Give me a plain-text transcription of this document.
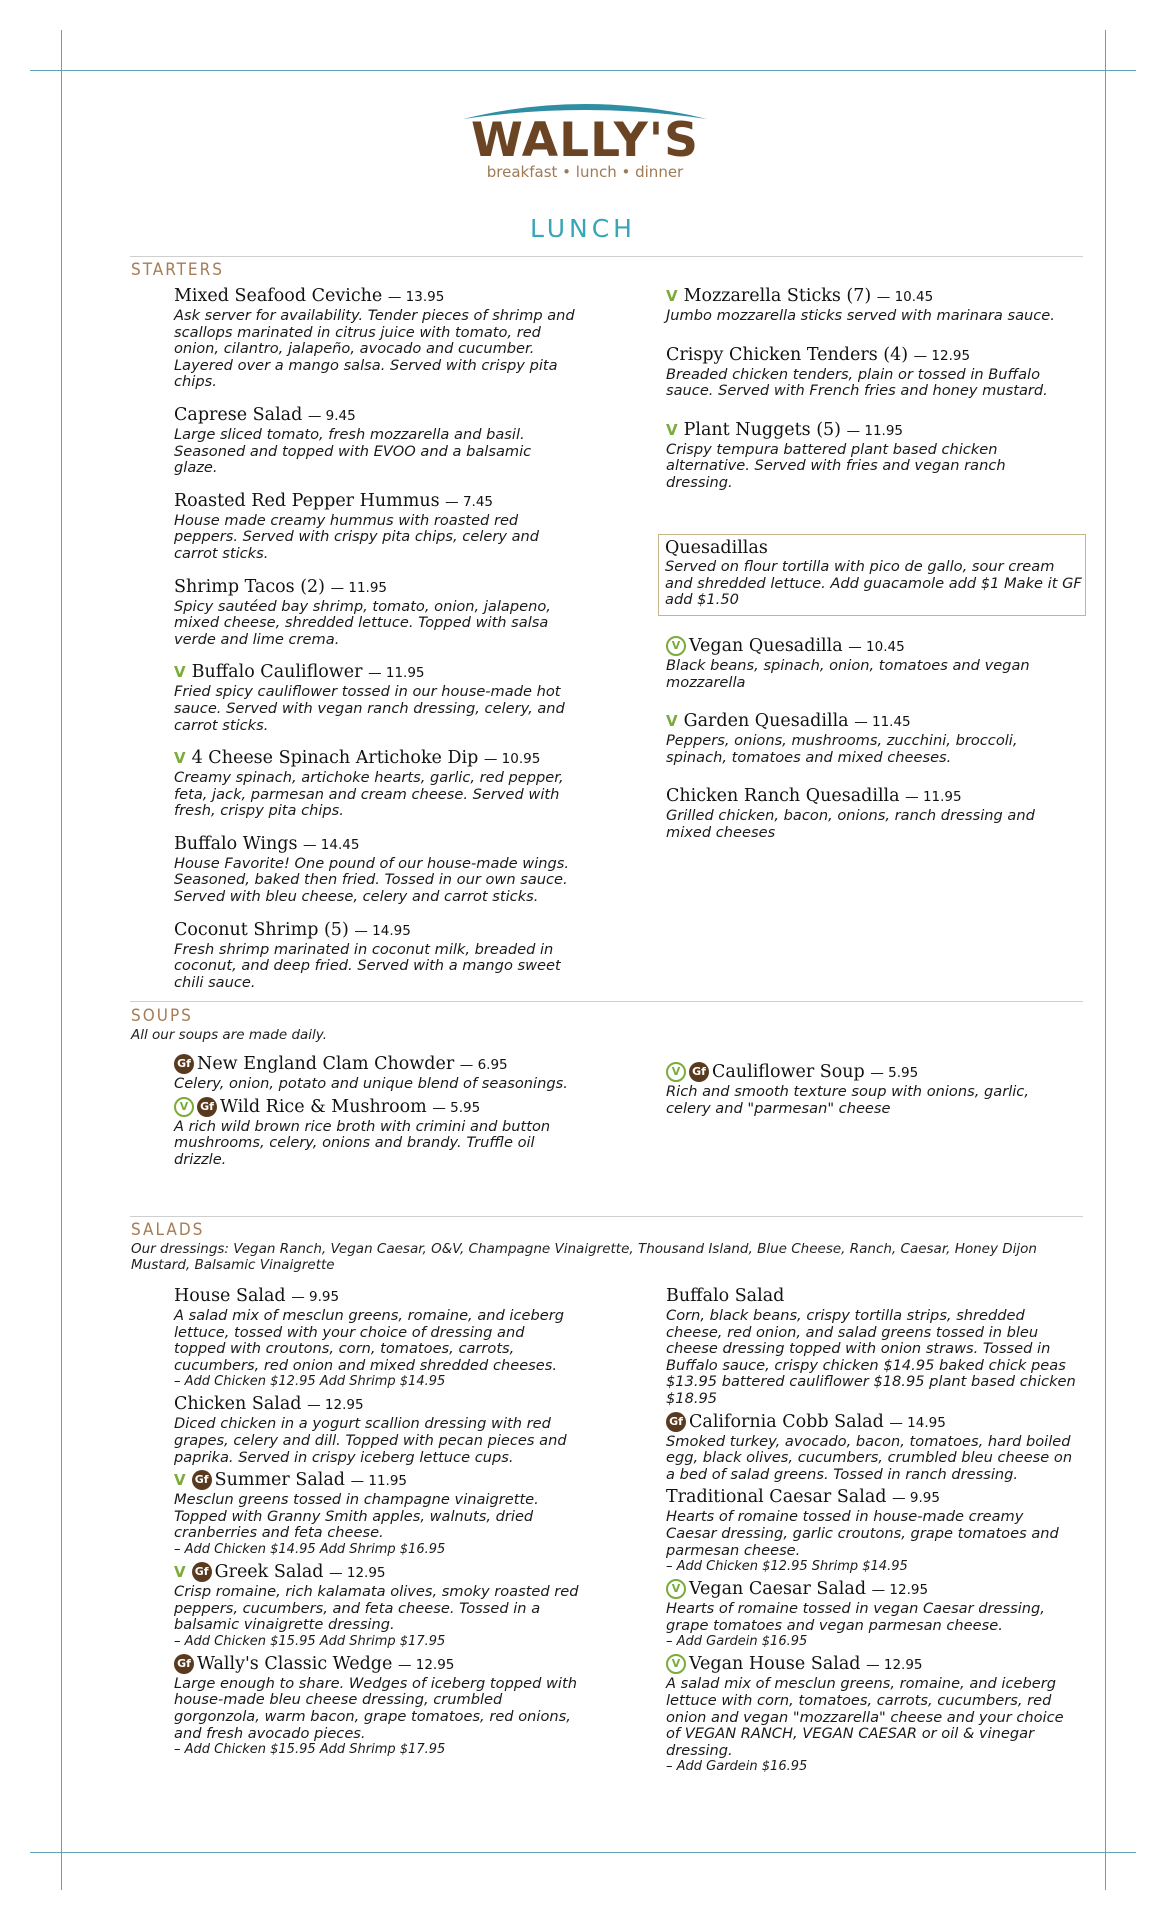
WALLY'S
breakfast • lunch • dinner
LUNCH
STARTERS
Mixed Seafood Ceviche — 13.95
Ask server for availability. Tender pieces of shrimp and scallops marinated in citrus juice with tomato, red onion, cilantro, jalapeño, avocado and cucumber. Layered over a mango salsa. Served with crispy pita chips.
Caprese Salad — 9.45
Large sliced tomato, fresh mozzarella and basil. Seasoned and topped with EVOO and a balsamic glaze.
Roasted Red Pepper Hummus — 7.45
House made creamy hummus with roasted red peppers. Served with crispy pita chips, celery and carrot sticks.
Shrimp Tacos (2) — 11.95
Spicy sautéed bay shrimp, tomato, onion, jalapeno, mixed cheese, shredded lettuce. Topped with salsa verde and lime crema.
V Buffalo Cauliflower — 11.95
Fried spicy cauliflower tossed in our house-made hot sauce. Served with vegan ranch dressing, celery, and carrot sticks.
V 4 Cheese Spinach Artichoke Dip — 10.95
Creamy spinach, artichoke hearts, garlic, red pepper, feta, jack, parmesan and cream cheese. Served with fresh, crispy pita chips.
Buffalo Wings — 14.45
House Favorite! One pound of our house-made wings. Seasoned, baked then fried. Tossed in our own sauce. Served with bleu cheese, celery and carrot sticks.
Coconut Shrimp (5) — 14.95
Fresh shrimp marinated in coconut milk, breaded in coconut, and deep fried. Served with a mango sweet chili sauce.
V Mozzarella Sticks (7) — 10.45
Jumbo mozzarella sticks served with marinara sauce.
Crispy Chicken Tenders (4) — 12.95
Breaded chicken tenders, plain or tossed in Buffalo sauce. Served with French fries and honey mustard.
V Plant Nuggets (5) — 11.95
Crispy tempura battered plant based chicken alternative. Served with fries and vegan ranch dressing.
Quesadillas
Served on flour tortilla with pico de gallo, sour cream and shredded lettuce. Add guacamole add $1 Make it GF add $1.50
V Vegan Quesadilla — 10.45
Black beans, spinach, onion, tomatoes and vegan mozzarella
V Garden Quesadilla — 11.45
Peppers, onions, mushrooms, zucchini, broccoli, spinach, tomatoes and mixed cheeses.
Chicken Ranch Quesadilla — 11.95
Grilled chicken, bacon, onions, ranch dressing and mixed cheeses
SOUPS
All our soups are made daily.
Gf New England Clam Chowder — 6.95
Celery, onion, potato and unique blend of seasonings.
V Gf Wild Rice & Mushroom — 5.95
A rich wild brown rice broth with crimini and button mushrooms, celery, onions and brandy. Truffle oil drizzle.
V Gf Cauliflower Soup — 5.95
Rich and smooth texture soup with onions, garlic, celery and "parmesan" cheese
SALADS
Our dressings: Vegan Ranch, Vegan Caesar, O&V, Champagne Vinaigrette, Thousand Island, Blue Cheese, Ranch, Caesar, Honey Dijon Mustard, Balsamic Vinaigrette
House Salad — 9.95
A salad mix of mesclun greens, romaine, and iceberg lettuce, tossed with your choice of dressing and topped with croutons, corn, tomatoes, carrots, cucumbers, red onion and mixed shredded cheeses.
– Add Chicken $12.95 Add Shrimp $14.95
Chicken Salad — 12.95
Diced chicken in a yogurt scallion dressing with red grapes, celery and dill. Topped with pecan pieces and paprika. Served in crispy iceberg lettuce cups.
V Gf Summer Salad — 11.95
Mesclun greens tossed in champagne vinaigrette. Topped with Granny Smith apples, walnuts, dried cranberries and feta cheese.
– Add Chicken $14.95 Add Shrimp $16.95
V Gf Greek Salad — 12.95
Crisp romaine, rich kalamata olives, smoky roasted red peppers, cucumbers, and feta cheese. Tossed in a balsamic vinaigrette dressing.
– Add Chicken $15.95 Add Shrimp $17.95
Gf Wally's Classic Wedge — 12.95
Large enough to share. Wedges of iceberg topped with house-made bleu cheese dressing, crumbled gorgonzola, warm bacon, grape tomatoes, red onions, and fresh avocado pieces.
– Add Chicken $15.95 Add Shrimp $17.95
Buffalo Salad
Corn, black beans, crispy tortilla strips, shredded cheese, red onion, and salad greens tossed in bleu cheese dressing topped with onion straws. Tossed in Buffalo sauce, crispy chicken $14.95 baked chick peas $13.95 battered cauliflower $18.95 plant based chicken $18.95
Gf California Cobb Salad — 14.95
Smoked turkey, avocado, bacon, tomatoes, hard boiled egg, black olives, cucumbers, crumbled bleu cheese on a bed of salad greens. Tossed in ranch dressing.
Traditional Caesar Salad — 9.95
Hearts of romaine tossed in house-made creamy Caesar dressing, garlic croutons, grape tomatoes and parmesan cheese.
– Add Chicken $12.95 Shrimp $14.95
V Vegan Caesar Salad — 12.95
Hearts of romaine tossed in vegan Caesar dressing, grape tomatoes and vegan parmesan cheese.
– Add Gardein $16.95
V Vegan House Salad — 12.95
A salad mix of mesclun greens, romaine, and iceberg lettuce with corn, tomatoes, carrots, cucumbers, red onion and vegan "mozzarella" cheese and your choice of VEGAN RANCH, VEGAN CAESAR or oil & vinegar dressing.
– Add Gardein $16.95
